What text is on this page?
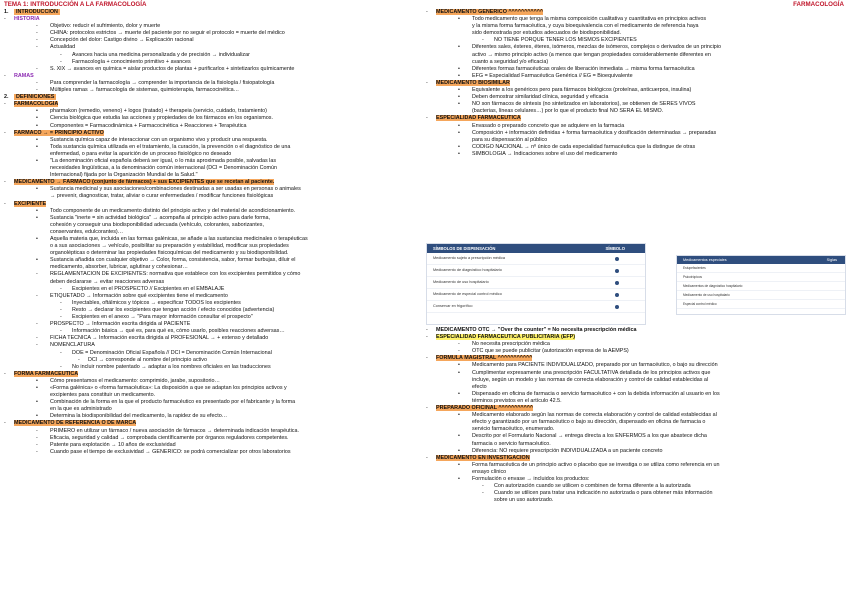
TEMA 1: INTRODUCCIÓN A LA FARMACOLOGÍA
1. INTRODUCCIÓN
- HISTORIA
- Objetivo: reducir el sufrimiento, dolor y muerte
- CHINA: protocolos estrictos → muerte del paciente por no seguir el protocolo = muerte del médico
- Concepción del dolor: Castigo divino → Explicación racional
- Actualidad
- Avances hacia una medicina personalizada y de precisión → individualizar
- Farmacología + conocimiento primitivo + avances
- S. XIX → avances en química = aislar productos de plantas + purificarlos + sintetizarlos químicamente
- RAMAS
- Para comprender la farmacología → comprender la importancia de la fisiología / fisiopatología
- Múltiples ramas → farmacología de sistemas, quimioterapia, farmacocinética…
2. DEFINICIONES
- FARMACOLOGÍA
• pharmakon (remedio, veneno) + logos (tratado) + therapeia (servicio, cuidado, tratamiento)
• Ciencia biológica que estudia las acciones y propiedades de los fármacos en los organismos.
• Componentes = Farmacodinámica + Farmacocinética + Reacciones + Terapéutica
- FÁRMACO → = PRINCIPIO ACTIVO
• Sustancia química capaz de interaccionar con un organismo vivo y producir una respuesta.
• Toda sustancia química utilizada en el tratamiento, la curación, la prevención o el diagnóstico de una
enfermedad, o para evitar la aparición de un proceso fisiológico no deseado
• "La denominación oficial española deberá ser igual, o lo más aproximada posible, salvadas las
necesidades lingüísticas, a la denominación común internacional (DCI = Denominación Común
Internacional) fijada por la Organización Mundial de la Salud."
- MEDICAMENTO → FÁRMACO (conjunto de fármacos) + sus EXCIPIENTES que se recetan al paciente.
• Sustancia medicinal y sus asociaciones/combinaciones destinadas a ser usadas en personas o animales
→ prevenir, diagnosticar, tratar, aliviar o curar enfermedades / modificar funciones fisiológicas
- EXCIPIENTE
• Todo componente de un medicamento distinto del principio activo y del material de acondicionamiento.
• Sustancia "inerte = sin actividad biológica" → acompaña al principio activo para darle forma,
cohesión y conseguir una biodisponibilidad adecuada (vehículo, colorantes, saborizantes,
conservantes, edulcorantes)…
• Aquella materia que, incluida en las formas galénicas, se añade a las sustancias medicinales o terapéuticas
o a sus asociaciones → vehículo, posibilitar su preparación y estabilidad, modificar sus propiedades
organolépticas o determinar las propiedades fisicoquímicas del medicamento y su biodisponibilidad.
• Sustancia añadida con cualquier objetivo → Color, forma, consistencia, sabor, formar burbujas, diluir el
medicamento, absorber, lubricar, aglutinar y cohesionar…
- REGLAMENTACIÓN DE EXCIPIENTES: normativa que establece con los excipientes permitidos y cómo
deben declararse → evitar reacciones adversas
- Excipientes en el PROSPECTO // Excipientes en el EMBALAJE
- ETIQUETADO → Información sobre qué excipientes tiene el medicamento
- Inyectables, oftálmicos y tópicos → especificar TODOS los excipientes
- Resto → declarar los excipientes que tengan acción / efecto conocidos (advertencia)
- Excipientes en el anexo → "Para mayor información consultar el prospecto"
- PROSPECTO → Información escrita dirigida al PACIENTE
- Información básica → qué es, para qué es, cómo usarlo, posibles reacciones adversas…
- FICHA TÉCNICA → Información escrita dirigida al PROFESIONAL → + extenso y detallado
- NOMENCLATURA
- DOE = Denominación Oficial Española // DCI = Denominación Común Internacional
- DCI → corresponde al nombre del principio activo
- No incluir nombre patentado → adaptar a los nombres oficiales en las traducciones
- FORMA FARMACÉUTICA
• Cómo presentamos el medicamento: comprimido, jarabe, supositorio…
• «Forma galénica» o «forma farmacéutica»: La disposición a que se adaptan los principios activos y
excipientes para constituir un medicamento.
• Combinación de la forma en la que el producto farmacéutico es presentado por el fabricante y la forma
en la que es administrado
• Determina la biodisponibilidad del medicamento, la rapidez de su efecto…
- MEDICAMENTO DE REFERENCIA O DE MARCA
- PRIMERO en utilizar un fármaco / nueva asociación de fármacos → determinada indicación terapéutica.
- Eficacia, seguridad y calidad → comprobada científicamente por órganos reguladores competentes.
- Patente para explotación → 10 años de exclusividad
- Cuando pase el tiempo de exclusividad → GENÉRICO: se podrá comercializar por otros laboratorios
FARMACOLOGÍA
- MEDICAMENTO GENÉRICO ^^^^^^^^^^^
• Todo medicamento que tenga la misma composición cualitativa y cuantitativa en principios activos
y la misma forma farmacéutica, y cuya bioequivalencia con el medicamento de referencia haya
sido demostrada por estudios adecuados de biodisponibilidad.
- NO TIENE PORQUE TENER LOS MISMOS EXCIPIENTES
• Diferentes sales, ésteres, éteres, isómeros, mezclas de isómeros, complejos o derivados de un principio
activo → mismo principio activo (a menos que tengan propiedades considerablemente diferentes en
cuanto a seguridad y/o eficacia)
• Diferentes formas farmacéuticas orales de liberación inmediata → misma forma farmacéutica
• EFG = Especialidad Farmacéutica Genérica // EG = Bioequivalente
- MEDICAMENTO BIOSIMILAR
• Equivalente a los genéricos pero para fármacos biológicos (proteínas, anticuerpos, insulina)
• Deben demostrar similaridad clínica, seguridad y eficacia
• NO son fármacos de síntesis (no sintetizados en laboratorios), se obtienen de SERES VIVOS
(bacterias, líneas celulares…) por lo que el producto final NO SERÁ EL MISMO.
- ESPECIALIDAD FARMACÉUTICA
• Envasado o preparado concreto que se adquiere en la farmacia
• Composición + información definidas + forma farmacéutica y dosificación determinadas → preparadas
para su dispensación al público
• CÓDIGO NACIONAL → nº único de cada especialidad farmacéutica que la distingue de otras
• SIMBOLOGÍA → Indicaciones sobre el uso del medicamento
SÍMBOLOS DE DISPENSACIÓN	SÍMBOLO
Medicamento sujeto a prescripción médica
Medicamento de diagnóstico hospitalario
Medicamento de uso hospitalario
Medicamento de especial control médico
Conservar en frigorífico
Medicamentos especiales	Siglas
Estupefacientes
Psicotrópicos
Medicamentos de diagnóstico hospitalario
Medicamento de uso hospitalario
Especial control médico
- MEDICAMENTO OTC → "Over the counter" = No necesita prescripción médica
- ESPECIALIDAD FARMACÉUTICA PUBLICITARIA (EFP)
- No necesita prescripción médica
- OTC que se puede publicitar (autorización expresa de la AEMPS)
- FÓRMULA MAGISTRAL ^^^^^^^^^^^
• Medicamento para PACIENTE INDIVIDUALIZADO, preparado por un farmacéutico, o bajo su dirección
• Cumplimentar expresamente una prescripción FACULTATIVA detallada de los principios activos que
incluye, según un modelo y las normas de correcta elaboración y control de calidad establecidas al
efecto
• Dispensado en oficina de farmacia o servicio farmacéutico + con la debida información al usuario en los
términos previstos en el artículo 42.5.
- PREPARADO OFICINAL ^^^^^^^^^^^
• Medicamento elaborado según las normas de correcta elaboración y control de calidad establecidas al
efecto y garantizado por un farmacéutico o bajo su dirección, dispensado en oficina de farmacia o
servicio farmacéutico, enumerado.
• Descrito por el Formulario Nacional → entrega directa a los ENFERMOS a los que abastece dicha
farmacia o servicio farmacéutico.
• Diferencia: NO requiere prescripción INDIVIDUALIZADA a un paciente concreto
- MEDICAMENTO EN INVESTIGACIÓN
• Forma farmacéutica de un principio activo o placebo que se investiga o se utiliza como referencia en un
ensayo clínico
• Formulación o envase → incluidos los productos:
- Con autorización cuando se utilicen o combinen de forma diferente a la autorizada
- Cuando se utilicen para tratar una indicación no autorizada o para obtener más información
sobre un uso autorizado.
